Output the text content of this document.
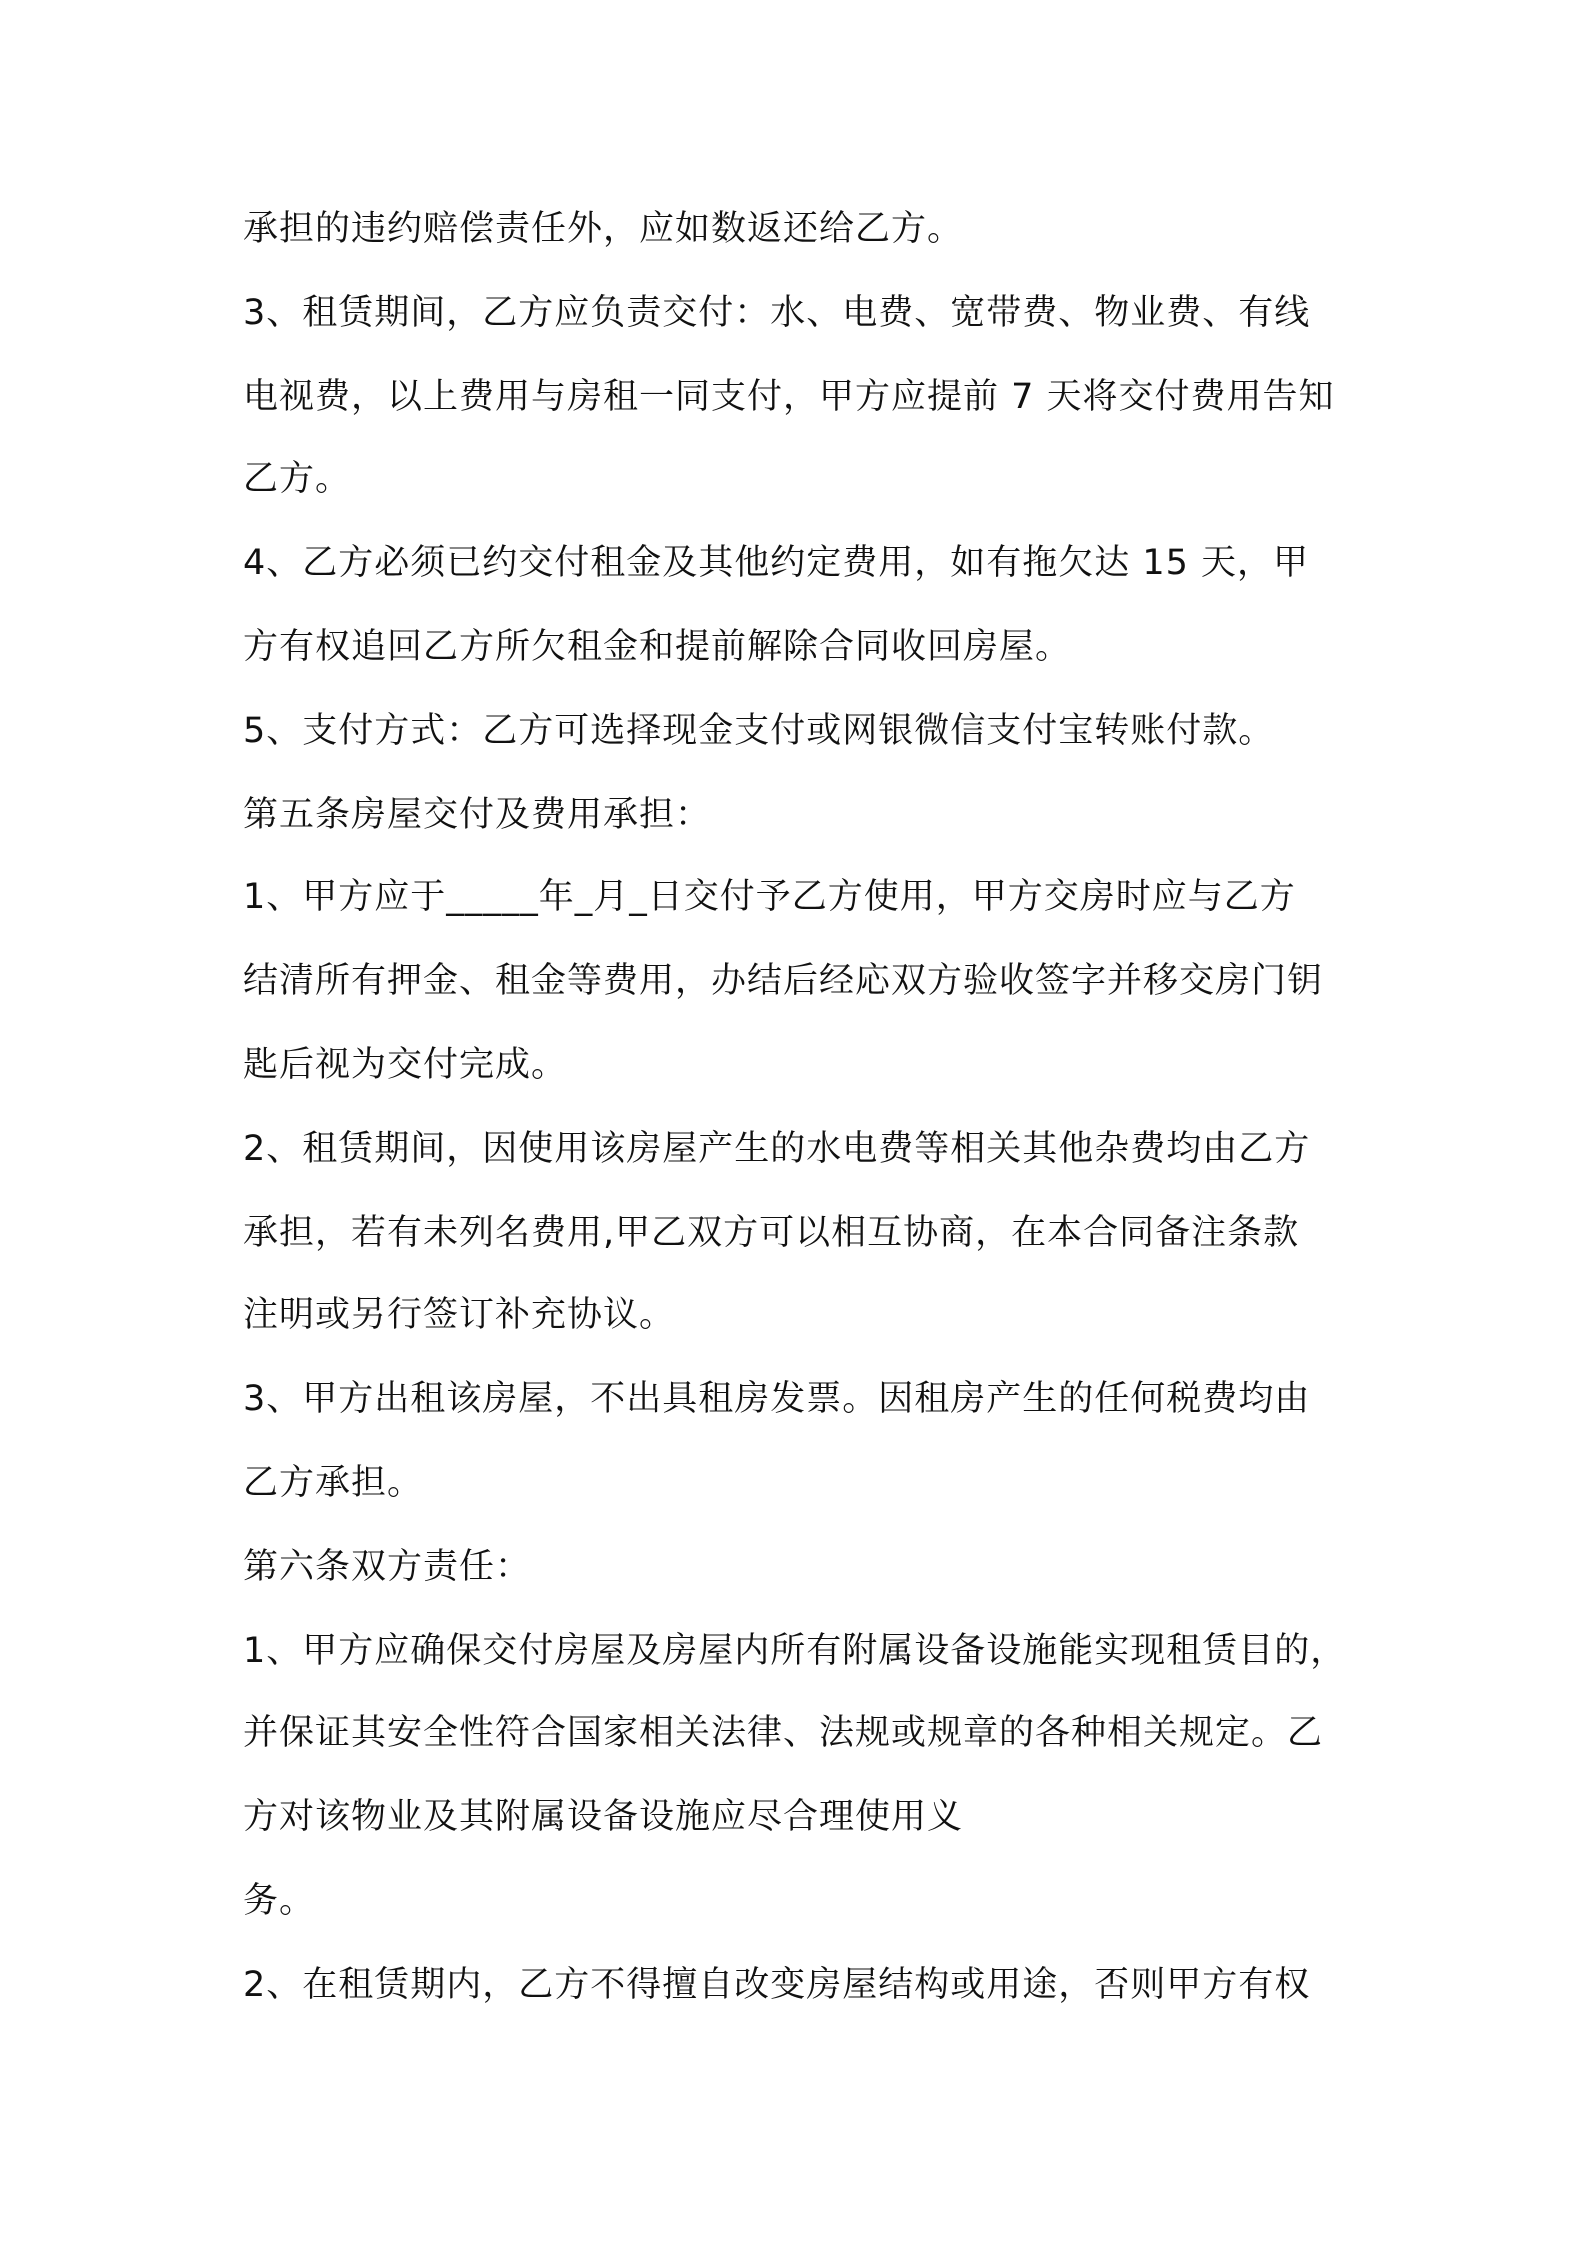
承担的违约赔偿责任外，应如数返还给乙方。
3、租赁期间，乙方应负责交付：水、电费、宽带费、物业费、有线
电视费，以上费用与房租一同支付，甲方应提前 7 天将交付费用告知
乙方。
4、乙方必须已约交付租金及其他约定费用，如有拖欠达 15 天，甲
方有权追回乙方所欠租金和提前解除合同收回房屋。
5、支付方式：乙方可选择现金支付或网银微信支付宝转账付款。
第五条房屋交付及费用承担：
1、甲方应于_____年_月_日交付予乙方使用，甲方交房时应与乙方
结清所有押金、租金等费用，办结后经応双方验收签字并移交房门钥
匙后视为交付完成。
2、租赁期间，因使用该房屋产生的水电费等相关其他杂费均由乙方
承担，若有未列名费用,甲乙双方可以相互协商，在本合同备注条款
注明或另行签订补充协议。
3、甲方出租该房屋，不出具租房发票。因租房产生的任何税费均由
乙方承担。
第六条双方责任：
1、甲方应确保交付房屋及房屋内所有附属设备设施能实现租赁目的，
并保证其安全性符合国家相关法律、法规或规章的各种相关规定。乙
方对该物业及其附属设备设施应尽合理使用义
务。
2、在租赁期内，乙方不得擅自改变房屋结构或用途，否则甲方有权
